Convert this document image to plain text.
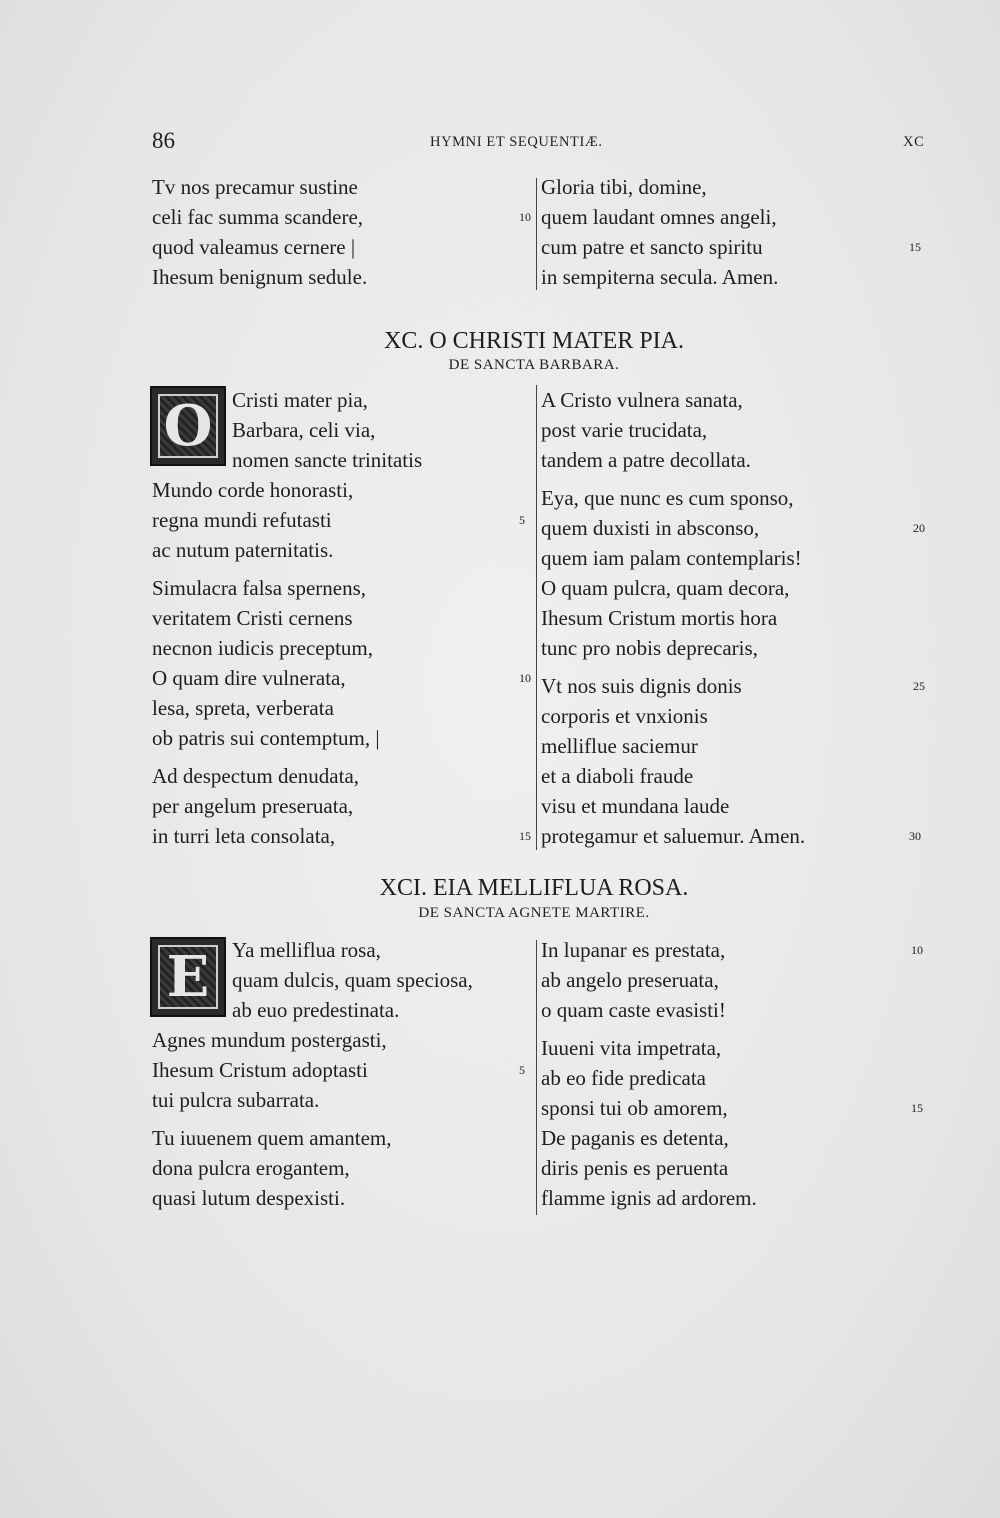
86	HYMNI ET SEQUENTIÆ.	XC
Tv nos precamur sustine
celi fac summa scandere,	10
quod valeamus cernere |
Ihesum benignum sedule.
Gloria tibi, domine,
quem laudant omnes angeli,
cum patre et sancto spiritu	15
in sempiterna secula. Amen.
XC. O CHRISTI MATER PIA.
DE SANCTA BARBARA.
O Cristi mater pia,
Barbara, celi via,
nomen sancte trinitatis
Mundo corde honorasti,
regna mundi refutasti	5
ac nutum paternitatis.
Simulacra falsa spernens,
veritatem Cristi cernens
necnon iudicis preceptum,
O quam dire vulnerata,	10
lesa, spreta, verberata
ob patris sui contemptum, |
Ad despectum denudata,
per angelum preseruata,
in turri leta consolata,	15
A Cristo vulnera sanata,
post varie trucidata,
tandem a patre decollata.
Eya, que nunc es cum sponso,
quem duxisti in absconso,	20
quem iam palam contemplaris!
O quam pulcra, quam decora,
Ihesum Cristum mortis hora
tunc pro nobis deprecaris,
Vt nos suis dignis donis	25
corporis et vnxionis
melliflue saciemur
et a diaboli fraude
visu et mundana laude
protegamur et saluemur. Amen.	30
XCI. EIA MELLIFLUA ROSA.
DE SANCTA AGNETE MARTIRE.
E Ya melliflua rosa,
quam dulcis, quam speciosa,
ab euo predestinata.
Agnes mundum postergasti,
Ihesum Cristum adoptasti	5
tui pulcra subarrata.
Tu iuuenem quem amantem,
dona pulcra erogantem,
quasi lutum despexisti.
In lupanar es prestata,	10
ab angelo preseruata,
o quam caste evasisti!
Iuueni vita impetrata,
ab eo fide predicata
sponsi tui ob amorem,	15
De paganis es detenta,
diris penis es peruenta
flamme ignis ad ardorem.
